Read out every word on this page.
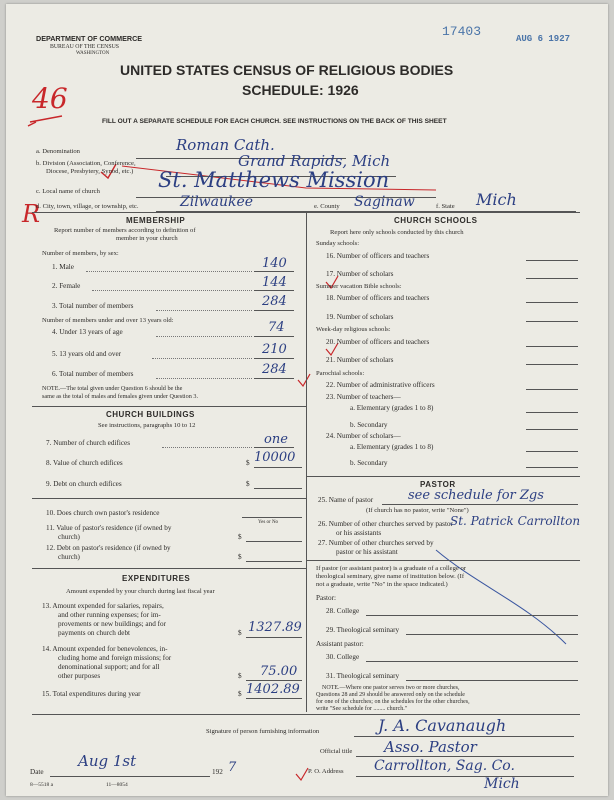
DEPARTMENT OF COMMERCE
BUREAU OF THE CENSUS
WASHINGTON
17403	AUG 6 1927
UNITED STATES CENSUS OF RELIGIOUS BODIES
SCHEDULE: 1926
FILL OUT A SEPARATE SCHEDULE FOR EACH CHURCH. SEE INSTRUCTIONS ON THE BACK OF THIS SHEET
46
R
a. Denomination	Roman Cath.
b. Division (Association, Conference,
Diocese, Presbytery, Synod, etc.)
Grand Rapids, Mich
c. Local name of church	St. Matthews Mission
d. City, town, village, or township, etc.	Zilwaukee	e. County Saginaw	f. State Mich
MEMBERSHIP
Report number of members according to definition of
member in your church
Number of members, by sex:
1. Male	140
2. Female	144
3. Total number of members	284
Number of members under and over 13 years old:
4. Under 13 years of age	74
5. 13 years old and over	210
6. Total number of members	284
NOTE.—The total given under Question 6 should be the
same as the total of males and females given under Question 3.
CHURCH BUILDINGS
See instructions, paragraphs 10 to 12
7. Number of church edifices	one
8. Value of church edifices	$ 10000
9. Debt on church edifices	$
10. Does church own pastor's residence
Yes or No
11. Value of pastor's residence (if owned by
church)	$
12. Debt on pastor's residence (if owned by
church)	$
EXPENDITURES
Amount expended by your church during last fiscal year
13. Amount expended for salaries, repairs,
and other running expenses; for im-
provements or new buildings; and for
payments on church debt	$ 1327.89
14. Amount expended for benevolences, in-
cluding home and foreign missions; for
denominational support; and for all
other purposes	$ 75.00
15. Total expenditures during year	$ 1402.89
CHURCH SCHOOLS
Report here only schools conducted by this church
Sunday schools:
16. Number of officers and teachers
17. Number of scholars
Summer vacation Bible schools:
18. Number of officers and teachers
19. Number of scholars
Week-day religious schools:
20. Number of officers and teachers
21. Number of scholars
Parochial schools:
22. Number of administrative officers
23. Number of teachers—
a. Elementary (grades 1 to 8)
b. Secondary
24. Number of scholars—
a. Elementary (grades 1 to 8)
b. Secondary
PASTOR
25. Name of pastor	see schedule for Zgs
(If church has no pastor, write "None")
26. Number of other churches served by pastor
or his assistants
St. Patrick Carrollton
27. Number of other churches served by
pastor or his assistant
If pastor (or assistant pastor) is a graduate of a college or
theological seminary, give name of institution below. (If
not a graduate, write "No" in the space indicated.)
Pastor:
28. College
29. Theological seminary
Assistant pastor:
30. College
31. Theological seminary
NOTE.—Where one pastor serves two or more churches,
Questions 28 and 29 should be answered only on the schedule
for one of the churches; on the schedules for the other churches,
write "See schedule for ........ church."
Signature of person furnishing information	J. A. Cavanaugh
Official title Asso. Pastor
Date
Aug 1st
192 7	P. O. Address Carrollton, Sag. Co.
Mich
8—5518 a	11—8054
